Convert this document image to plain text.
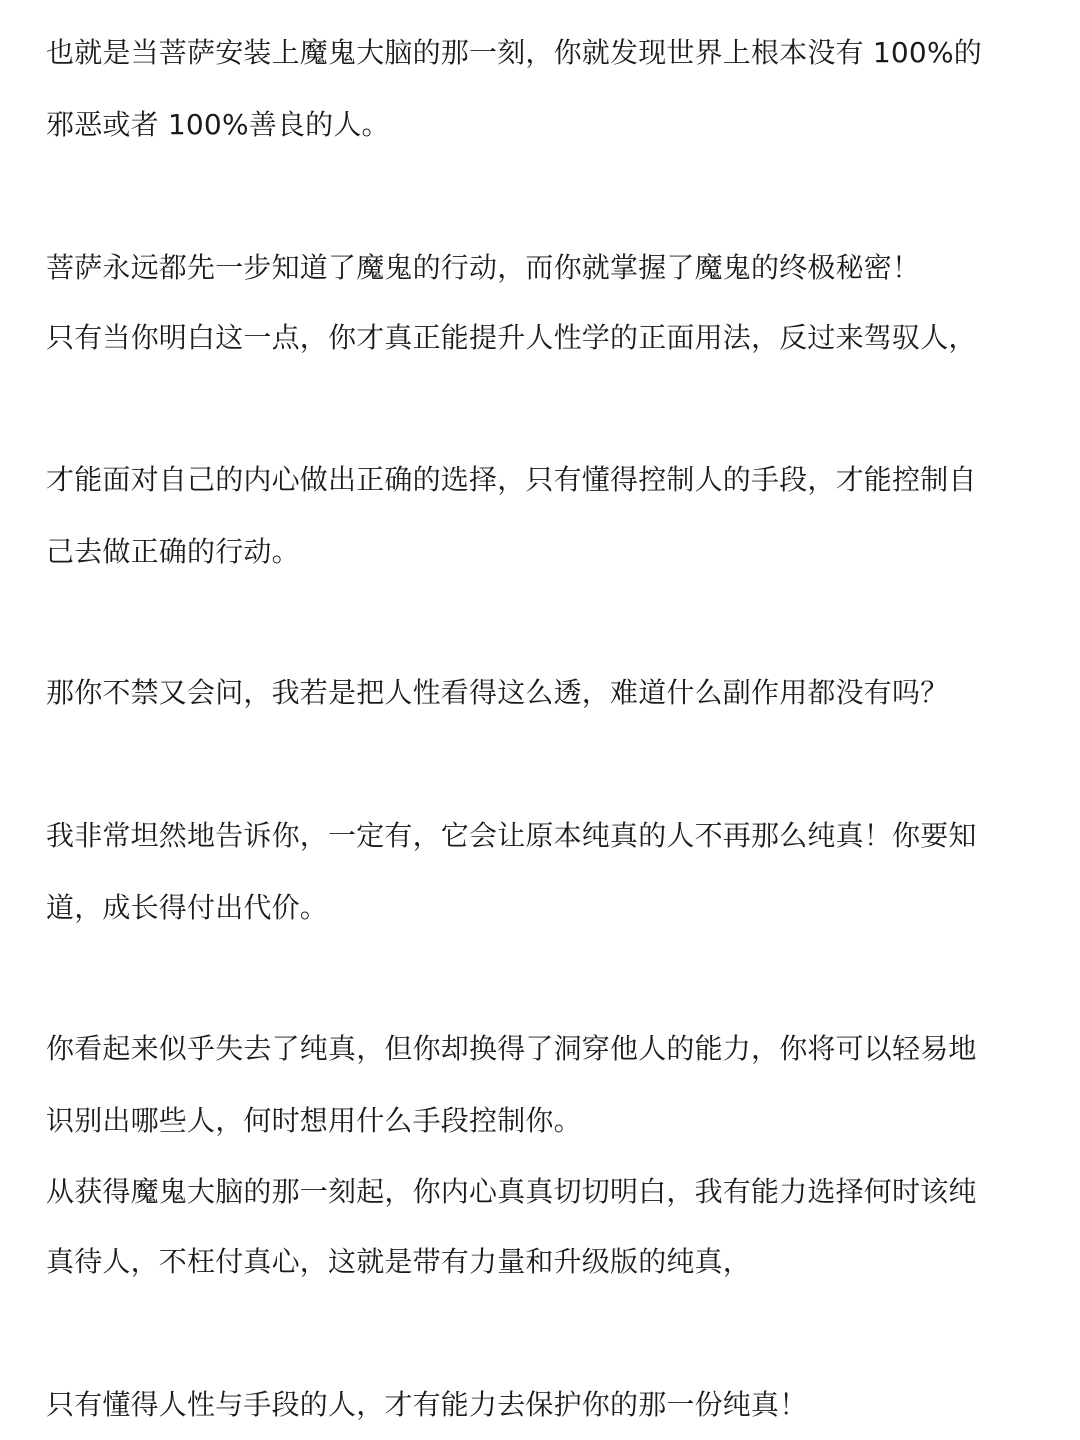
也就是当菩萨安装上魔鬼大脑的那一刻，你就发现世界上根本没有 100%的
邪恶或者 100%善良的人。
菩萨永远都先一步知道了魔鬼的行动，而你就掌握了魔鬼的终极秘密！
只有当你明白这一点，你才真正能提升人性学的正面用法，反过来驾驭人，
才能面对自己的内心做出正确的选择，只有懂得控制人的手段，才能控制自
己去做正确的行动。
那你不禁又会问，我若是把人性看得这么透，难道什么副作用都没有吗？
我非常坦然地告诉你，一定有，它会让原本纯真的人不再那么纯真！你要知
道，成长得付出代价。
你看起来似乎失去了纯真，但你却换得了洞穿他人的能力，你将可以轻易地
识别出哪些人，何时想用什么手段控制你。
从获得魔鬼大脑的那一刻起，你内心真真切切明白，我有能力选择何时该纯
真待人，不枉付真心，这就是带有力量和升级版的纯真，
只有懂得人性与手段的人，才有能力去保护你的那一份纯真！
